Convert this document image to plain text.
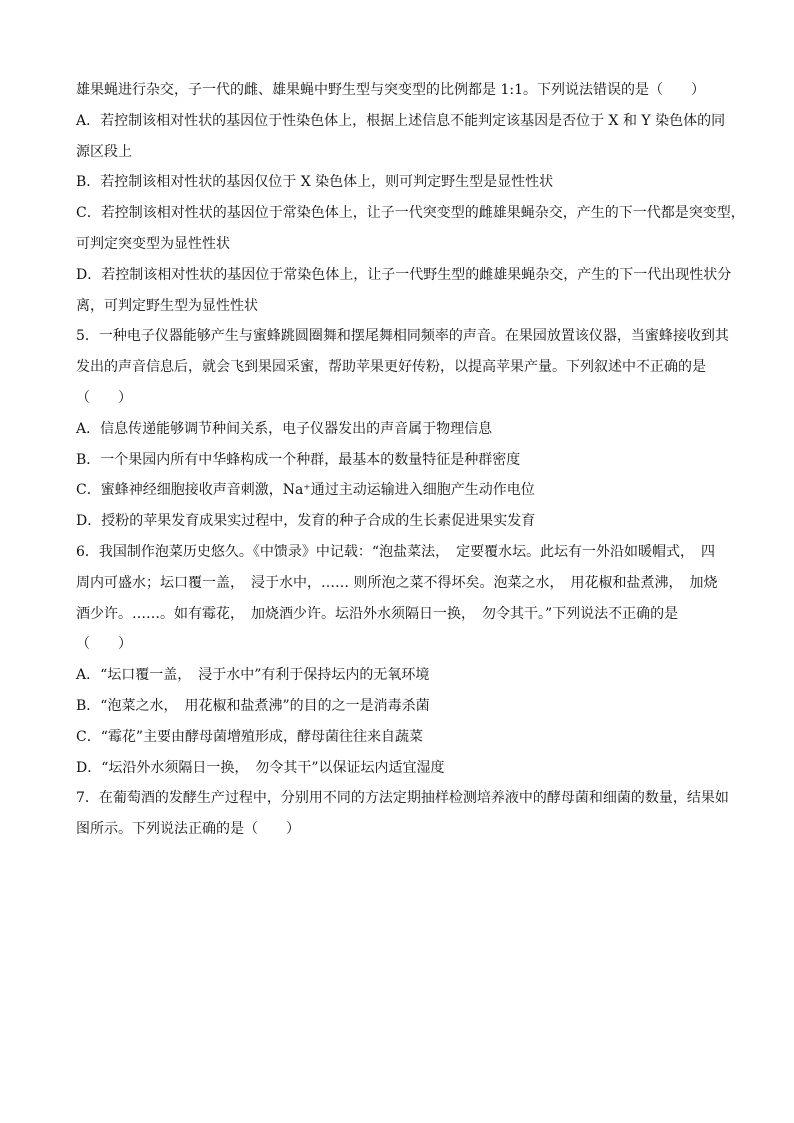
雄果蝇进行杂交，子一代的雌、雄果蝇中野生型与突变型的比例都是 1:1。下列说法错误的是（　　）
A．若控制该相对性状的基因位于性染色体上，根据上述信息不能判定该基因是否位于 X 和 Y 染色体的同
源区段上
B．若控制该相对性状的基因仅位于 X 染色体上，则可判定野生型是显性性状
C．若控制该相对性状的基因位于常染色体上，让子一代突变型的雌雄果蝇杂交，产生的下一代都是突变型，
可判定突变型为显性性状
D．若控制该相对性状的基因位于常染色体上，让子一代野生型的雌雄果蝇杂交，产生的下一代出现性状分
离，可判定野生型为显性性状
5．一种电子仪器能够产生与蜜蜂跳圆圈舞和摆尾舞相同频率的声音。在果园放置该仪器，当蜜蜂接收到其
发出的声音信息后，就会飞到果园采蜜，帮助苹果更好传粉，以提高苹果产量。下列叙述中不正确的是
（　　）
A．信息传递能够调节种间关系，电子仪器发出的声音属于物理信息
B．一个果园内所有中华蜂构成一个种群，最基本的数量特征是种群密度
C．蜜蜂神经细胞接收声音刺激，Na⁺通过主动运输进入细胞产生动作电位
D．授粉的苹果发育成果实过程中，发育的种子合成的生长素促进果实发育
6．我国制作泡菜历史悠久。《中馈录》中记载：“泡盐菜法，　定要覆水坛。此坛有一外沿如暖帽式，　四
周内可盛水；坛口覆一盖，　浸于水中，…… 则所泡之菜不得坏矣。泡菜之水，　用花椒和盐煮沸，　加烧
酒少许。……。如有霉花，　加烧酒少许。坛沿外水须隔日一换，　勿令其干。”下列说法不正确的是
（　　）
A．“坛口覆一盖，　浸于水中”有利于保持坛内的无氧环境
B．“泡菜之水，　用花椒和盐煮沸”的目的之一是消毒杀菌
C．“霉花”主要由酵母菌增殖形成，酵母菌往往来自蔬菜
D．“坛沿外水须隔日一换，　勿令其干”以保证坛内适宜湿度
7．在葡萄酒的发酵生产过程中，分别用不同的方法定期抽样检测培养液中的酵母菌和细菌的数量，结果如
图所示。下列说法正确的是（　　）
